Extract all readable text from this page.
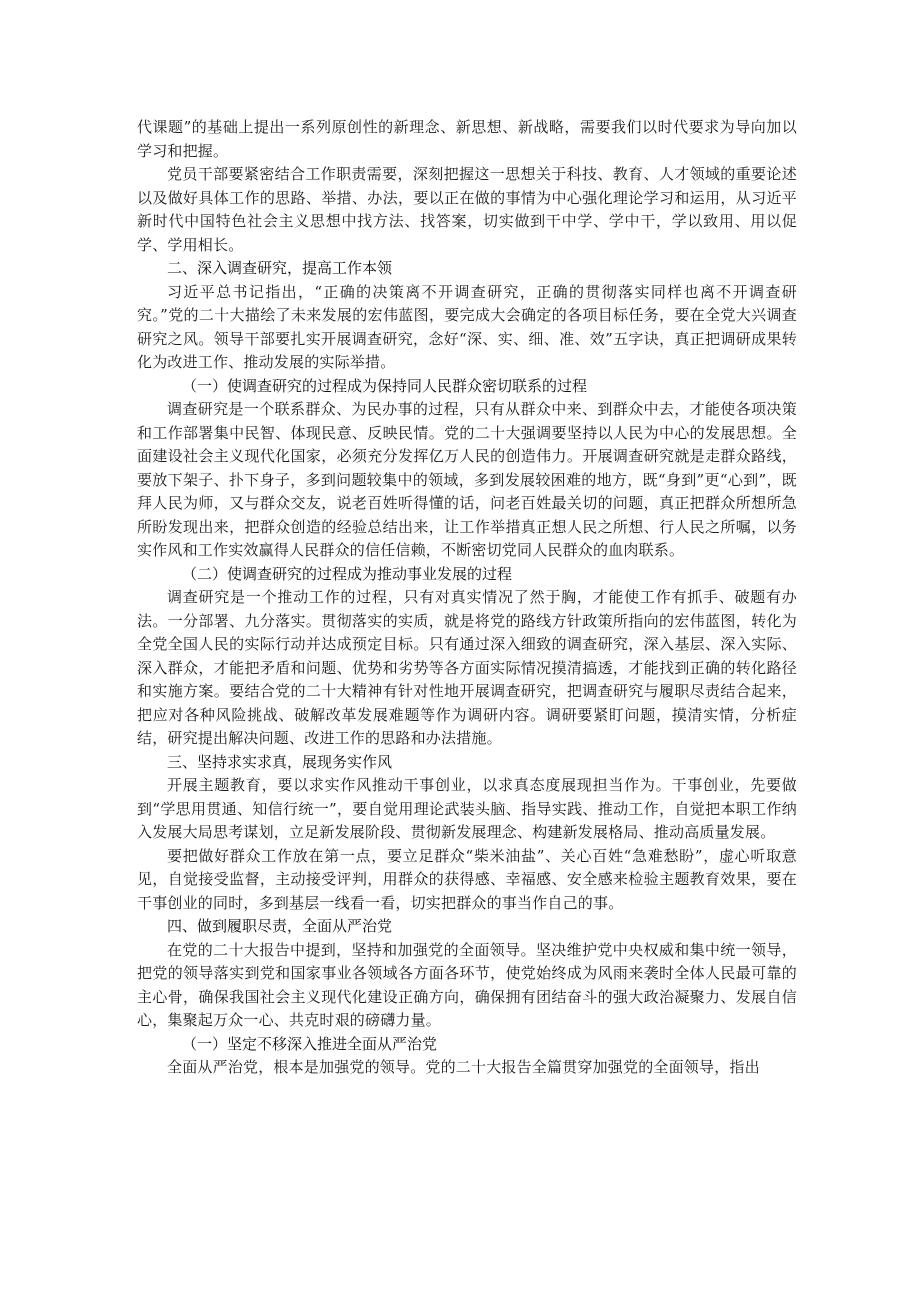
代课题”的基础上提出一系列原创性的新理念、新思想、新战略，需要我们以时代要求为导向加以学习和把握。

党员干部要紧密结合工作职责需要，深刻把握这一思想关于科技、教育、人才领域的重要论述以及做好具体工作的思路、举措、办法，要以正在做的事情为中心强化理论学习和运用，从习近平新时代中国特色社会主义思想中找方法、找答案，切实做到干中学、学中干，学以致用、用以促学、学用相长。

二、深入调查研究，提高工作本领

习近平总书记指出，“正确的决策离不开调查研究，正确的贯彻落实同样也离不开调查研究。”党的二十大描绘了未来发展的宏伟蓝图，要完成大会确定的各项目标任务，要在全党大兴调查研究之风。领导干部要扎实开展调查研究，念好“深、实、细、准、效”五字诀，真正把调研成果转化为改进工作、推动发展的实际举措。

（一）使调查研究的过程成为保持同人民群众密切联系的过程

调查研究是一个联系群众、为民办事的过程，只有从群众中来、到群众中去，才能使各项决策和工作部署集中民智、体现民意、反映民情。党的二十大强调要坚持以人民为中心的发展思想。全面建设社会主义现代化国家，必须充分发挥亿万人民的创造伟力。开展调查研究就是走群众路线，要放下架子、扑下身子，多到问题较集中的领域，多到发展较困难的地方，既“身到”更“心到”，既拜人民为师，又与群众交友，说老百姓听得懂的话，问老百姓最关切的问题，真正把群众所想所急所盼发现出来，把群众创造的经验总结出来，让工作举措真正想人民之所想、行人民之所嘱，以务实作风和工作实效赢得人民群众的信任信赖，不断密切党同人民群众的血肉联系。

（二）使调查研究的过程成为推动事业发展的过程

调查研究是一个推动工作的过程，只有对真实情况了然于胸，才能使工作有抓手、破题有办法。一分部署、九分落实。贯彻落实的实质，就是将党的路线方针政策所指向的宏伟蓝图，转化为全党全国人民的实际行动并达成预定目标。只有通过深入细致的调查研究，深入基层、深入实际、深入群众，才能把矛盾和问题、优势和劣势等各方面实际情况摸清搞透，才能找到正确的转化路径和实施方案。要结合党的二十大精神有针对性地开展调查研究，把调查研究与履职尽责结合起来，把应对各种风险挑战、破解改革发展难题等作为调研内容。调研要紧盯问题，摸清实情，分析症结，研究提出解决问题、改进工作的思路和办法措施。

三、坚持求实求真，展现务实作风

开展主题教育，要以求实作风推动干事创业，以求真态度展现担当作为。干事创业，先要做到“学思用贯通、知信行统一”，要自觉用理论武装头脑、指导实践、推动工作，自觉把本职工作纳入发展大局思考谋划，立足新发展阶段、贯彻新发展理念、构建新发展格局、推动高质量发展。

要把做好群众工作放在第一点，要立足群众“柴米油盐”、关心百姓“急难愁盼”，虚心听取意见，自觉接受监督，主动接受评判，用群众的获得感、幸福感、安全感来检验主题教育效果，要在干事创业的同时，多到基层一线看一看，切实把群众的事当作自己的事。

四、做到履职尽责，全面从严治党

在党的二十大报告中提到，坚持和加强党的全面领导。坚决维护党中央权威和集中统一领导，把党的领导落实到党和国家事业各领域各方面各环节，使党始终成为风雨来袭时全体人民最可靠的主心骨，确保我国社会主义现代化建设正确方向，确保拥有团结奋斗的强大政治凝聚力、发展自信心，集聚起万众一心、共克时艰的磅礴力量。

（一）坚定不移深入推进全面从严治党

全面从严治党，根本是加强党的领导。党的二十大报告全篇贯穿加强党的全面领导，指出
